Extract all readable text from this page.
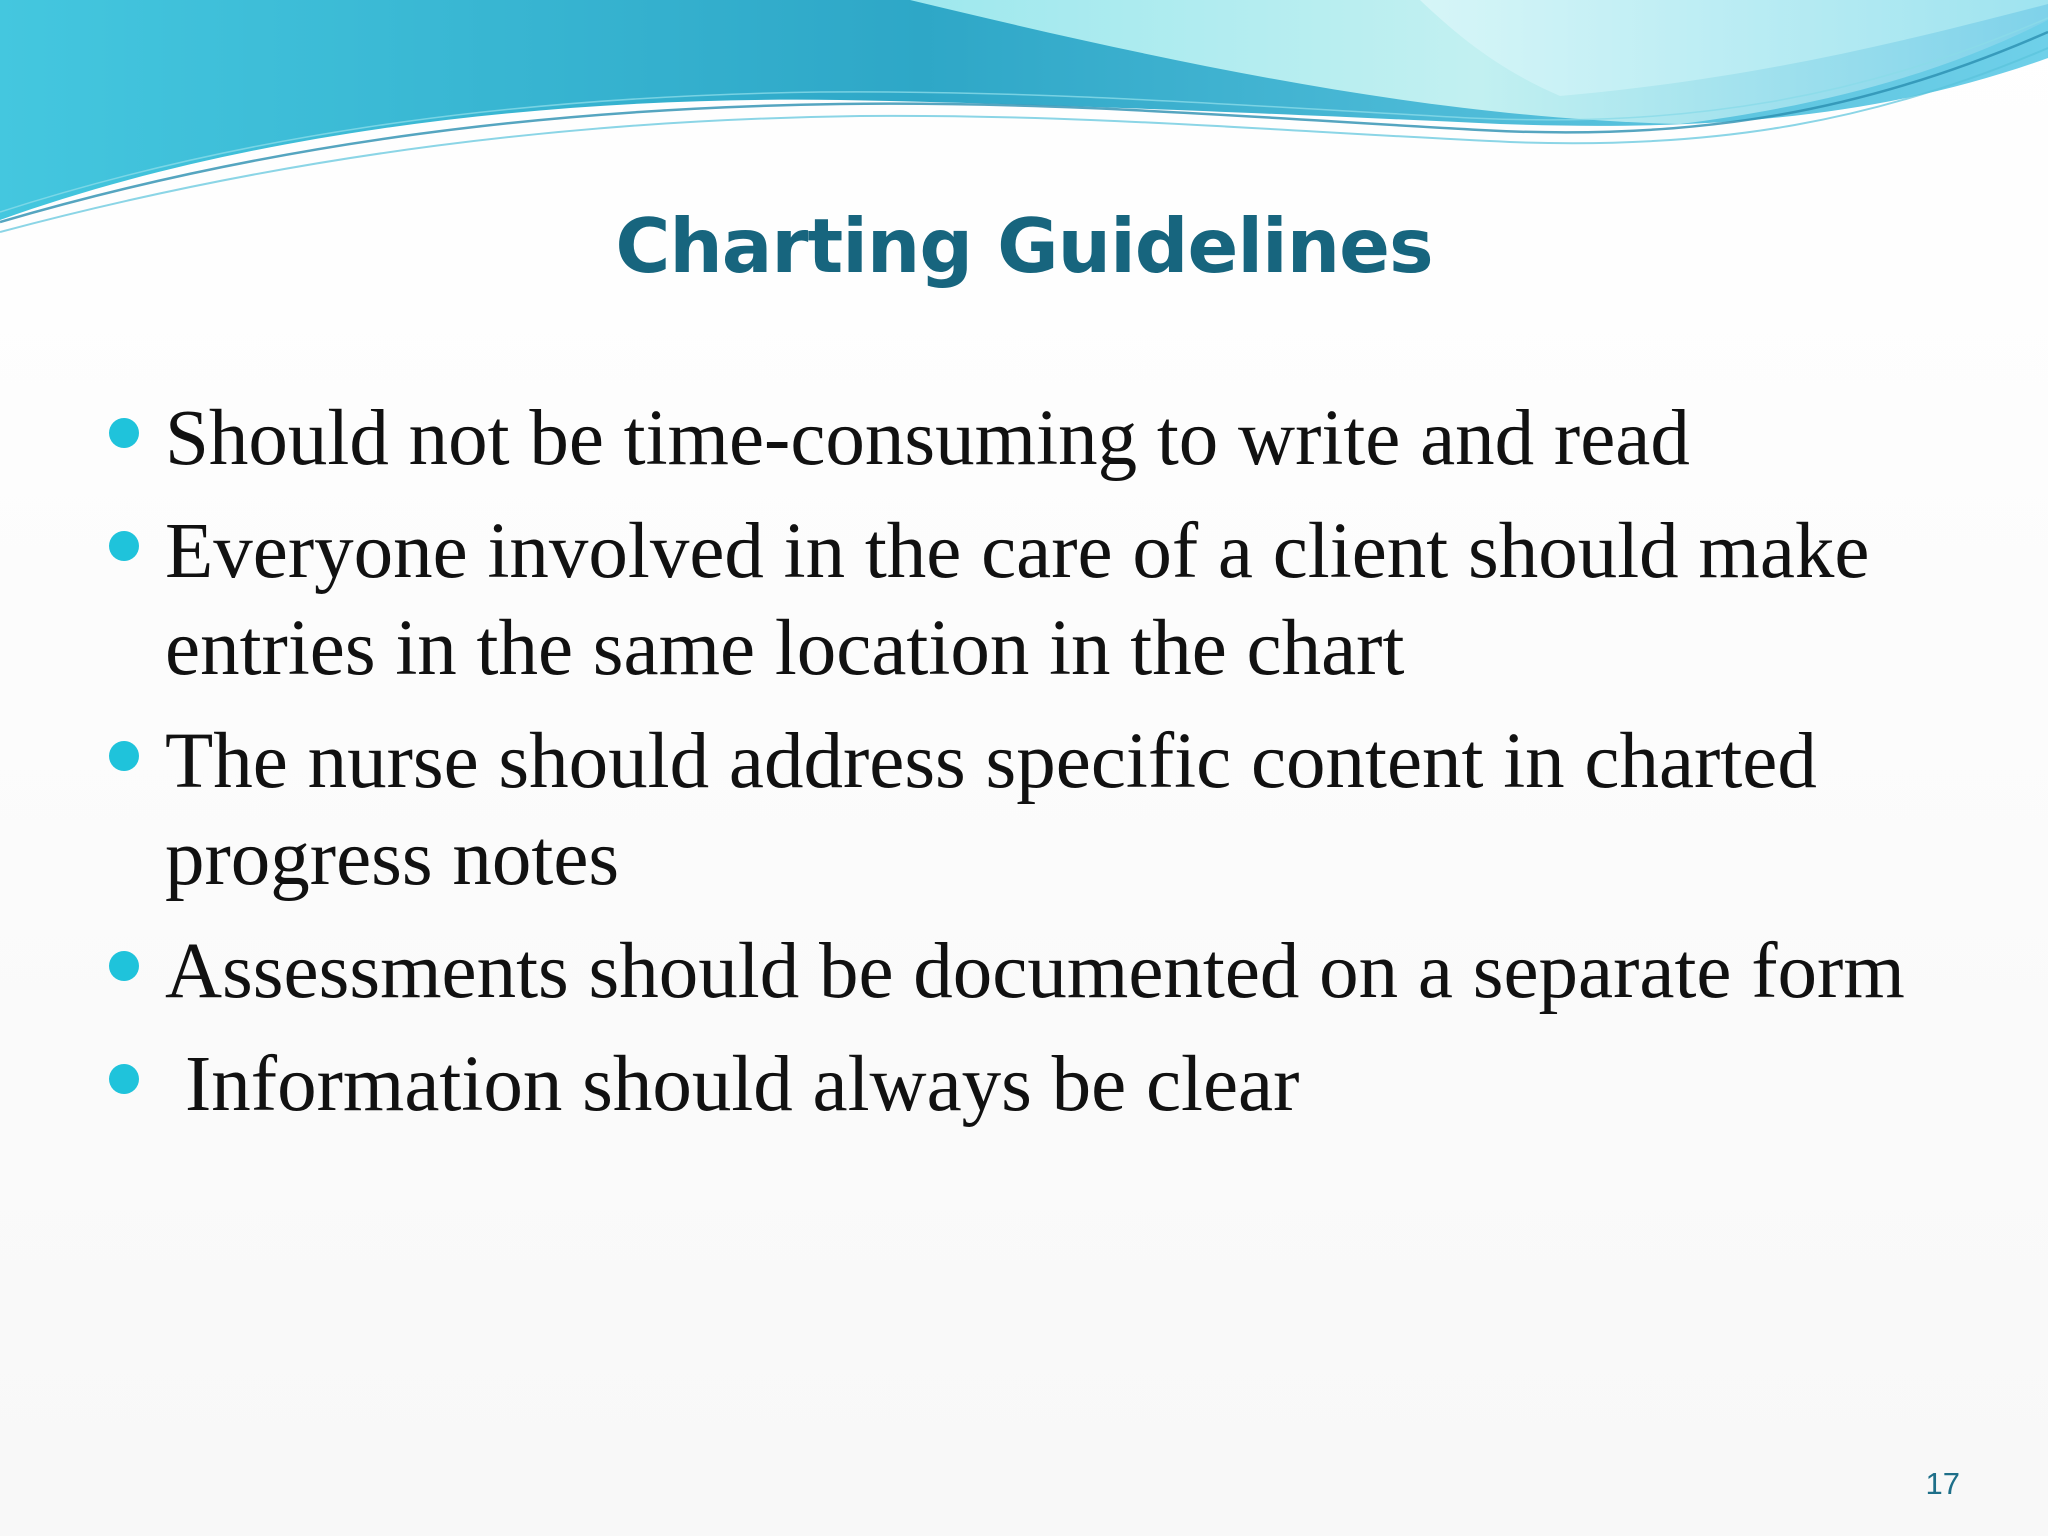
Charting Guidelines
Should not be time-consuming to write and read
Everyone involved in the care of a client should make
entries in the same location in the chart
The nurse should address specific content in charted
progress notes
Assessments should be documented on a separate form
Information should always be clear
17
